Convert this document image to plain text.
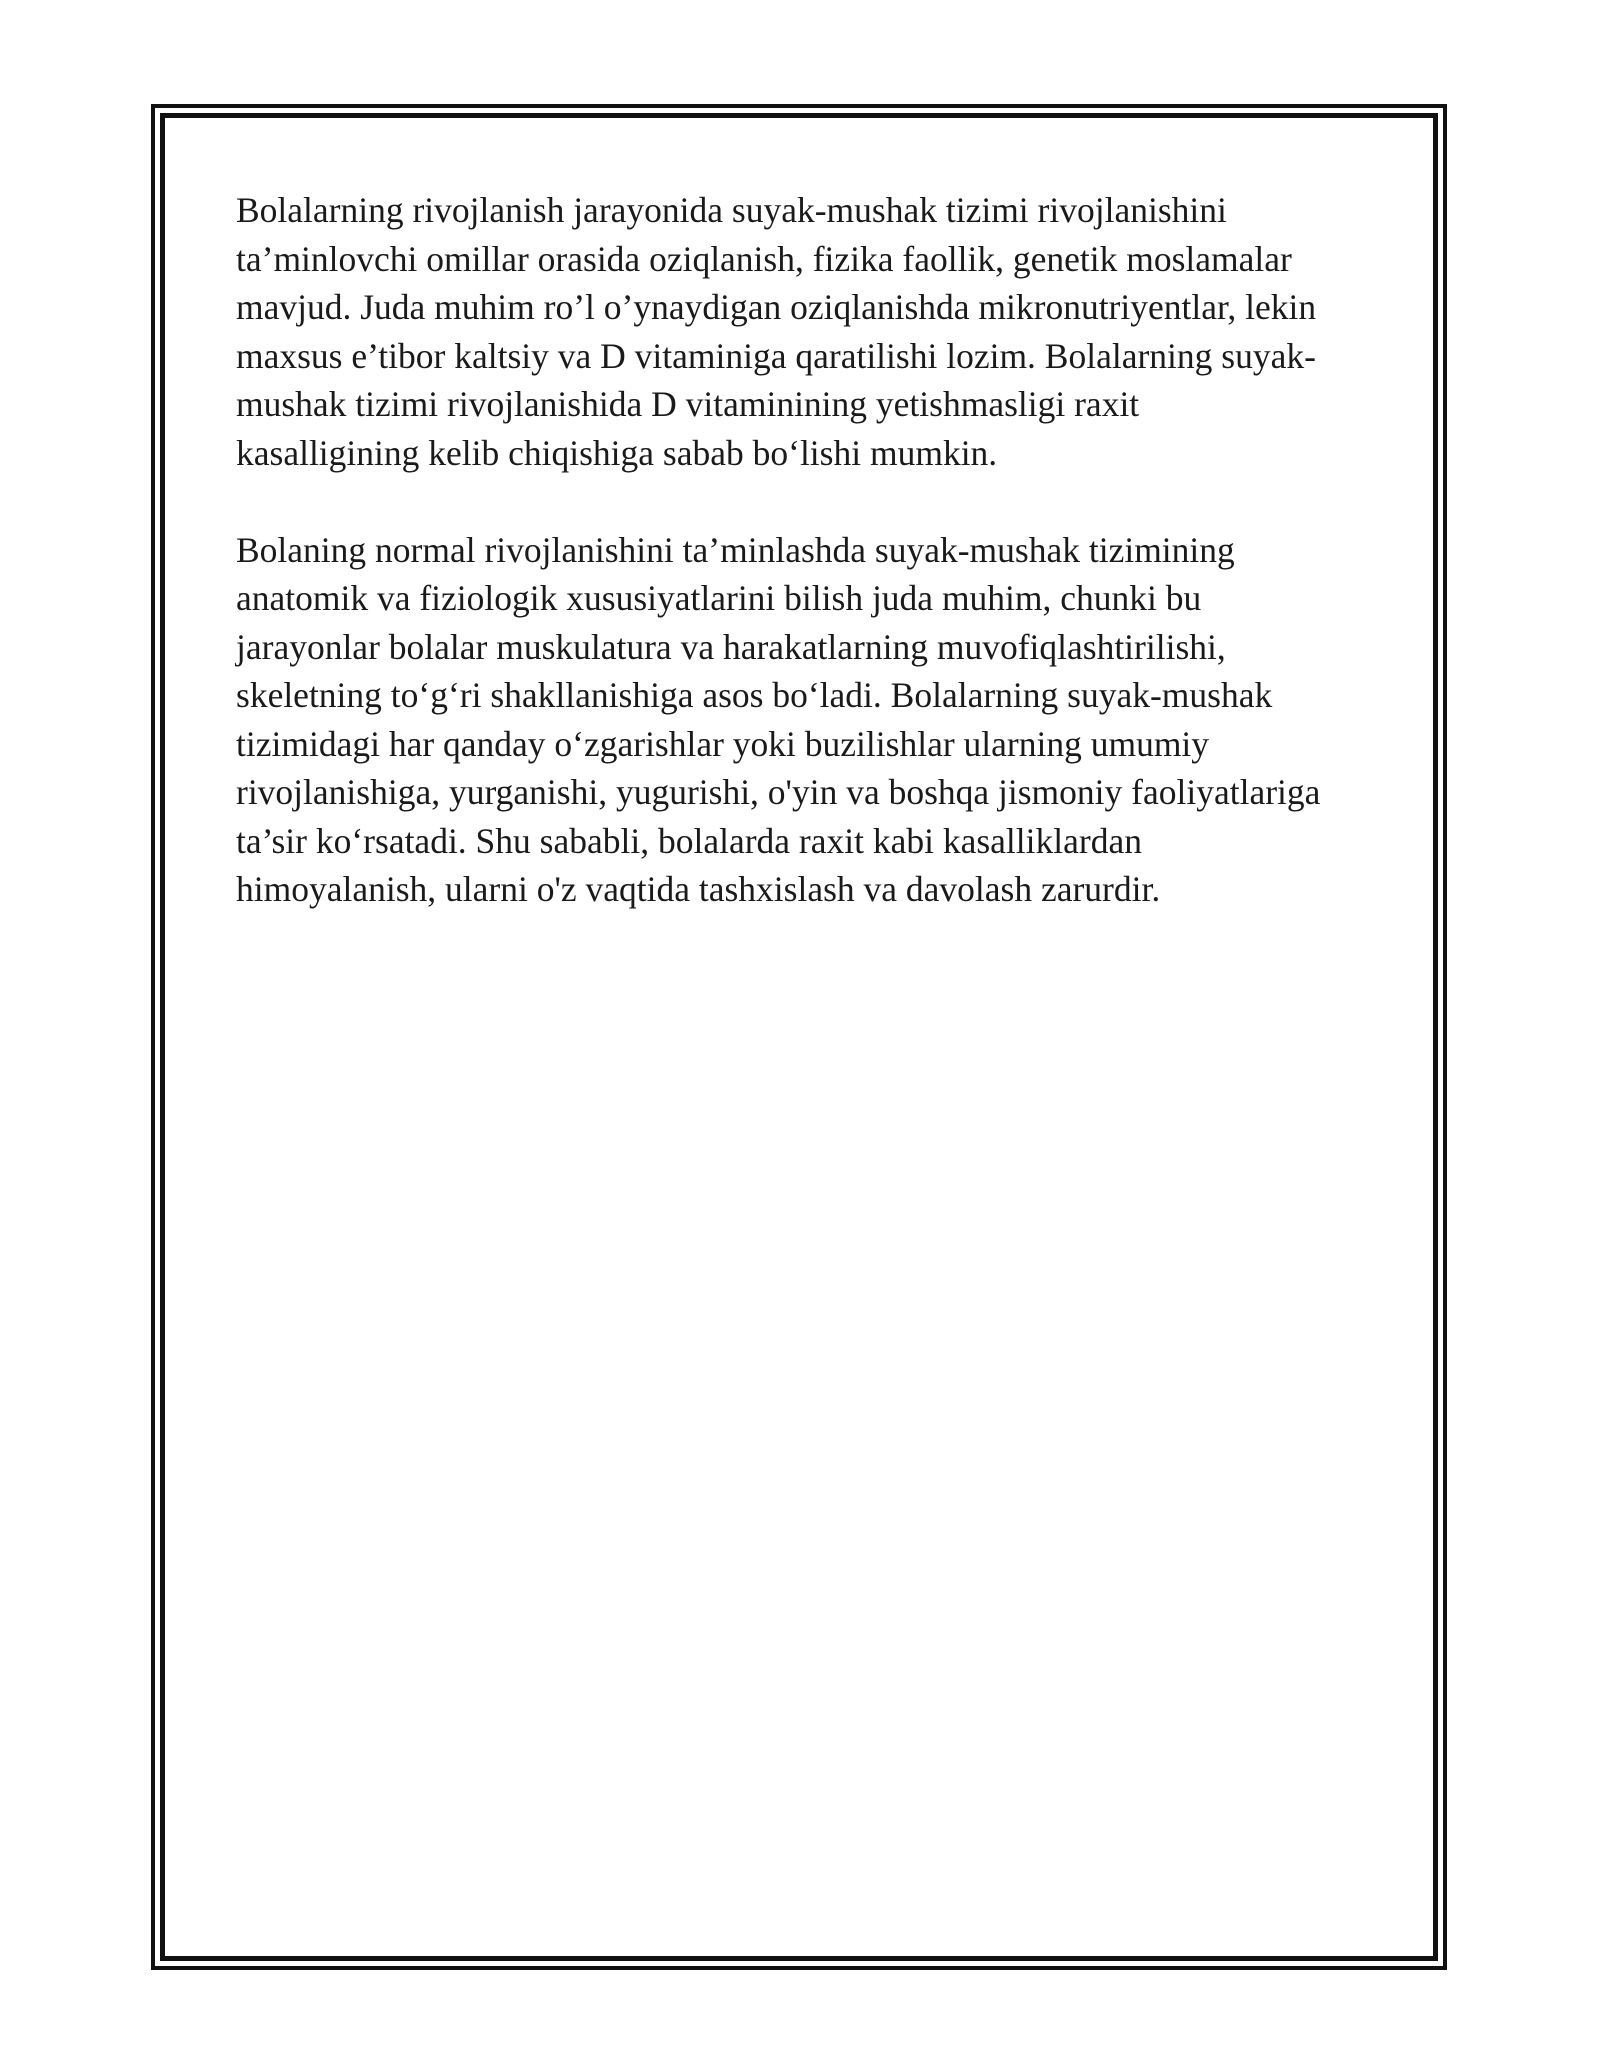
Bolalarning rivojlanish jarayonida suyak-mushak tizimi rivojlanishini
ta’minlovchi omillar orasida oziqlanish, fizika faollik, genetik moslamalar
mavjud. Juda muhim ro’l o’ynaydigan oziqlanishda mikronutriyentlar, lekin
maxsus e’tibor kaltsiy va D vitaminiga qaratilishi lozim. Bolalarning suyak-
mushak tizimi rivojlanishida D vitaminining yetishmasligi raxit
kasalligining kelib chiqishiga sabab bo‘lishi mumkin.

Bolaning normal rivojlanishini ta’minlashda suyak-mushak tizimining
anatomik va fiziologik xususiyatlarini bilish juda muhim, chunki bu
jarayonlar bolalar muskulatura va harakatlarning muvofiqlashtirilishi,
skeletning to‘g‘ri shakllanishiga asos bo‘ladi. Bolalarning suyak-mushak
tizimidagi har qanday o‘zgarishlar yoki buzilishlar ularning umumiy
rivojlanishiga, yurganishi, yugurishi, o'yin va boshqa jismoniy faoliyatlariga
ta’sir ko‘rsatadi. Shu sababli, bolalarda raxit kabi kasalliklardan
himoyalanish, ularni o'z vaqtida tashxislash va davolash zarurdir.
